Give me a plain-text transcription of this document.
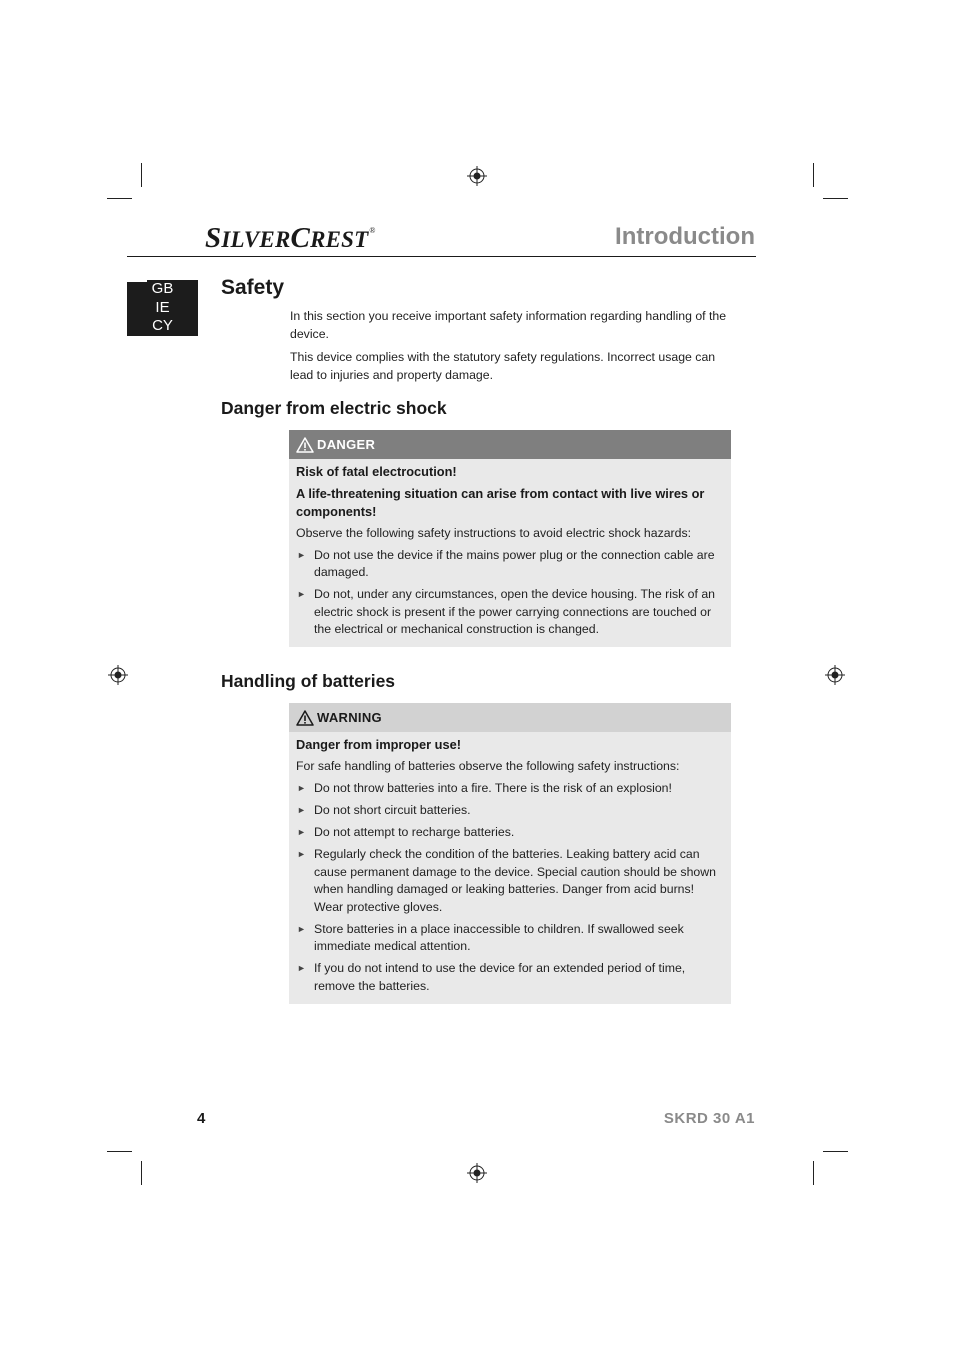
SILVERCREST®	Introduction
GB
IE
CY
Safety

In this section you receive important safety information regarding handling of the device.

This device complies with the statutory safety regulations. Incorrect usage can lead to injuries and property damage.

Danger from electric shock
DANGER

Risk of fatal electrocution!

A life-threatening situation can arise from contact with live wires or components!

Observe the following safety instructions to avoid electric shock hazards:

► Do not use the device if the mains power plug or the connection cable are damaged.
► Do not, under any circumstances, open the device housing. The risk of an electric shock is present if the power carrying connections are touched or the electrical or mechanical construction is changed.
Handling of batteries
WARNING

Danger from improper use!

For safe handling of batteries observe the following safety instructions:

► Do not throw batteries into a fire. There is the risk of an explosion!
► Do not short circuit batteries.
► Do not attempt to recharge batteries.
► Regularly check the condition of the batteries. Leaking battery acid can cause permanent damage to the device. Special caution should be shown when handling damaged or leaking batteries. Danger from acid burns! Wear protective gloves.
► Store batteries in a place inaccessible to children. If swallowed seek immediate medical attention.
► If you do not intend to use the device for an extended period of time, remove the batteries.
4	SKRD 30 A1
